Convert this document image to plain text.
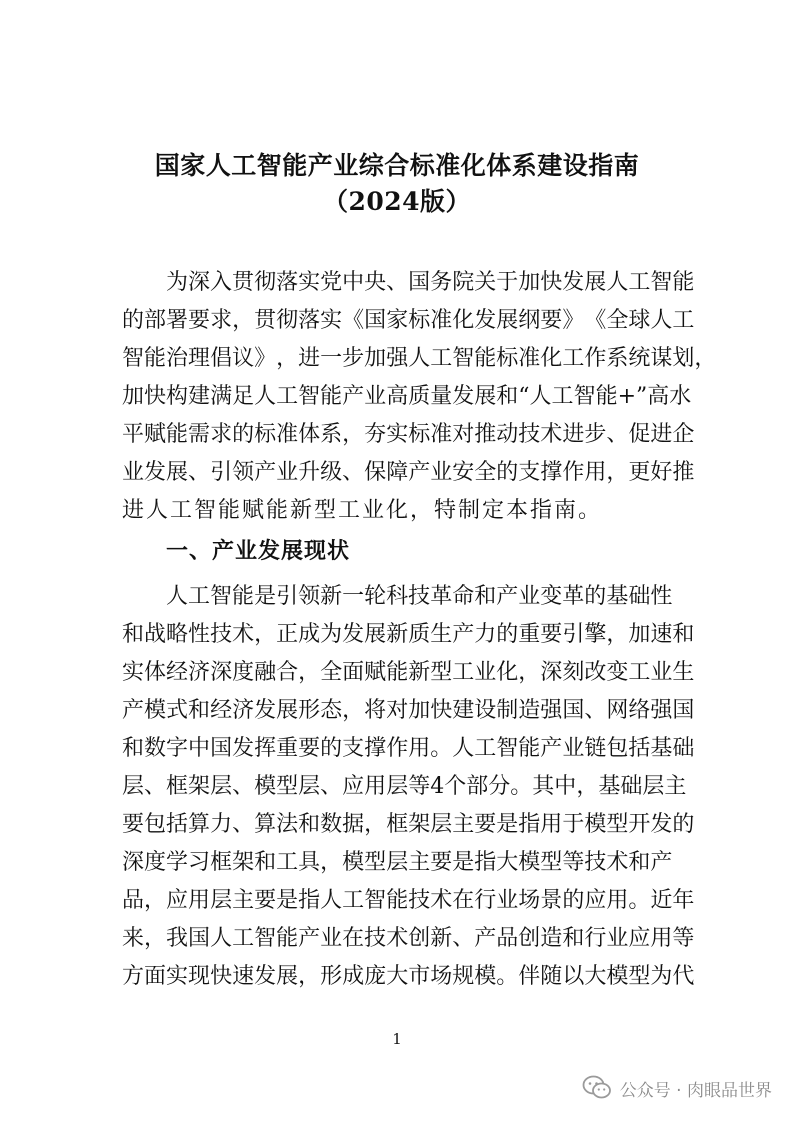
国家人工智能产业综合标准化体系建设指南
（2024版）
为 深 入 贯 彻 落 实 党 中 央 、 国 务 院 关 于 加 快 发 展 人 工 智 能
的 部 署 要 求 ， 贯 彻 落 实 《 国 家 标 准 化 发 展 纲 要 》 《 全 球 人 工
智 能 治 理 倡 议 》 ， 进 一 步 加 强 人 工 智 能 标 准 化 工 作 系 统 谋 划 ，
加 快 构 建 满 足 人 工 智 能 产 业 高 质 量 发 展 和 “ 人 工 智 能 + ” 高 水
平 赋 能 需 求 的 标 准 体 系 ， 夯 实 标 准 对 推 动 技 术 进 步 、 促 进 企
业 发 展 、 引 领 产 业 升 级 、 保 障 产 业 安 全 的 支 撑 作 用 ， 更 好 推
进人工智能赋能新型工业化，特制定本指南。
一、产业发展现状
人 工 智 能 是 引 领 新 一 轮 科 技 革 命 和 产 业 变 革 的 基 础 性
和 战 略 性 技 术 ， 正 成 为 发 展 新 质 生 产 力 的 重 要 引 擎 ， 加 速 和
实 体 经 济 深 度 融 合 ， 全 面 赋 能 新 型 工 业 化 ， 深 刻 改 变 工 业 生
产 模 式 和 经 济 发 展 形 态 ， 将 对 加 快 建 设 制 造 强 国 、 网 络 强 国
和 数 字 中 国 发 挥 重 要 的 支 撑 作 用 。 人 工 智 能 产 业 链 包 括 基 础
层 、 框 架 层 、 模 型 层 、 应 用 层 等 4 个 部 分 。 其 中 ， 基 础 层 主
要 包 括 算 力 、 算 法 和 数 据 ， 框 架 层 主 要 是 指 用 于 模 型 开 发 的
深 度 学 习 框 架 和 工 具 ， 模 型 层 主 要 是 指 大 模 型 等 技 术 和 产
品 ， 应 用 层 主 要 是 指 人 工 智 能 技 术 在 行 业 场 景 的 应 用 。 近 年
来 ， 我 国 人 工 智 能 产 业 在 技 术 创 新 、 产 品 创 造 和 行 业 应 用 等
方 面 实 现 快 速 发 展 ， 形 成 庞 大 市 场 规 模 。 伴 随 以 大 模 型 为 代
1
公众号 · 肉眼品世界
